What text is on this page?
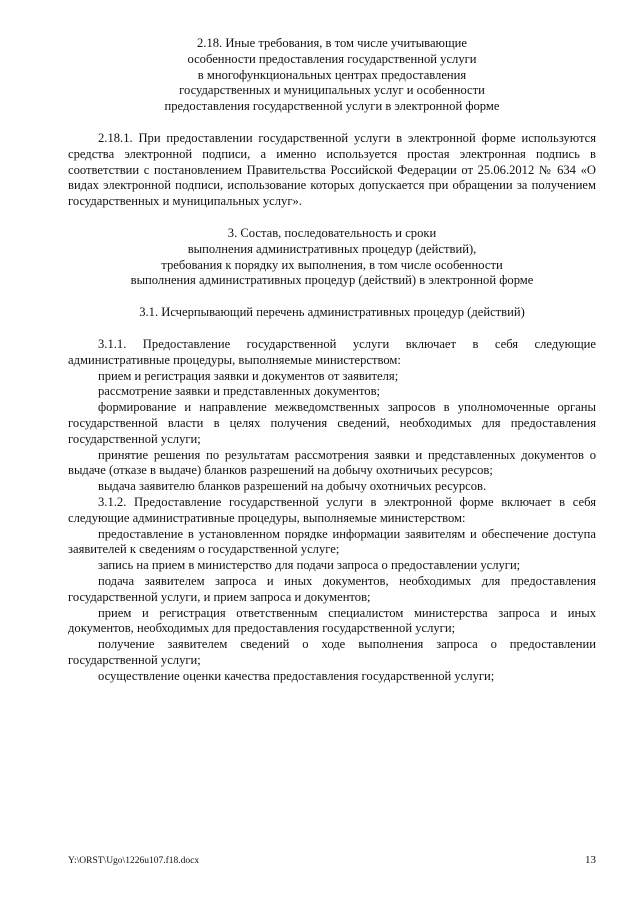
2.18. Иные требования, в том числе учитывающие
особенности предоставления государственной услуги
в многофункциональных центрах предоставления
государственных и муниципальных услуг и особенности
предоставления государственной услуги в электронной форме

2.18.1. При предоставлении государственной услуги в электронной форме используются средства электронной подписи, а именно используется простая электронная подпись в соответствии с постановлением Правительства Российской Федерации от 25.06.2012 № 634 «О видах электронной подписи, использование которых допускается при обращении за получением государственных и муниципальных услуг».

3. Состав, последовательность и сроки
выполнения административных процедур (действий),
требования к порядку их выполнения, в том числе особенности
выполнения административных процедур (действий) в электронной форме
3.1. Исчерпывающий перечень административных процедур (действий)

3.1.1. Предоставление государственной услуги включает в себя следующие административные процедуры, выполняемые министерством:

прием и регистрация заявки и документов от заявителя;

рассмотрение заявки и представленных документов;

формирование и направление межведомственных запросов в уполномоченные органы государственной власти в целях получения сведений, необходимых для предоставления государственной услуги;

принятие решения по результатам рассмотрения заявки и представленных документов о выдаче (отказе в выдаче) бланков разрешений на добычу охотничьих ресурсов;

выдача заявителю бланков разрешений на добычу охотничьих ресурсов.

3.1.2. Предоставление государственной услуги в электронной форме включает в себя следующие административные процедуры, выполняемые министерством:

предоставление в установленном порядке информации заявителям и обеспечение доступа заявителей к сведениям о государственной услуге;

запись на прием в министерство для подачи запроса о предоставлении услуги;

подача заявителем запроса и иных документов, необходимых для предоставления государственной услуги, и прием запроса и документов;

прием и регистрация ответственным специалистом министерства запроса и иных документов, необходимых для предоставления государственной услуги;

получение заявителем сведений о ходе выполнения запроса о предоставлении государственной услуги;

осуществление оценки качества предоставления государственной услуги;

Y:\ORST\Ugo\1226u107.f18.docx	13
